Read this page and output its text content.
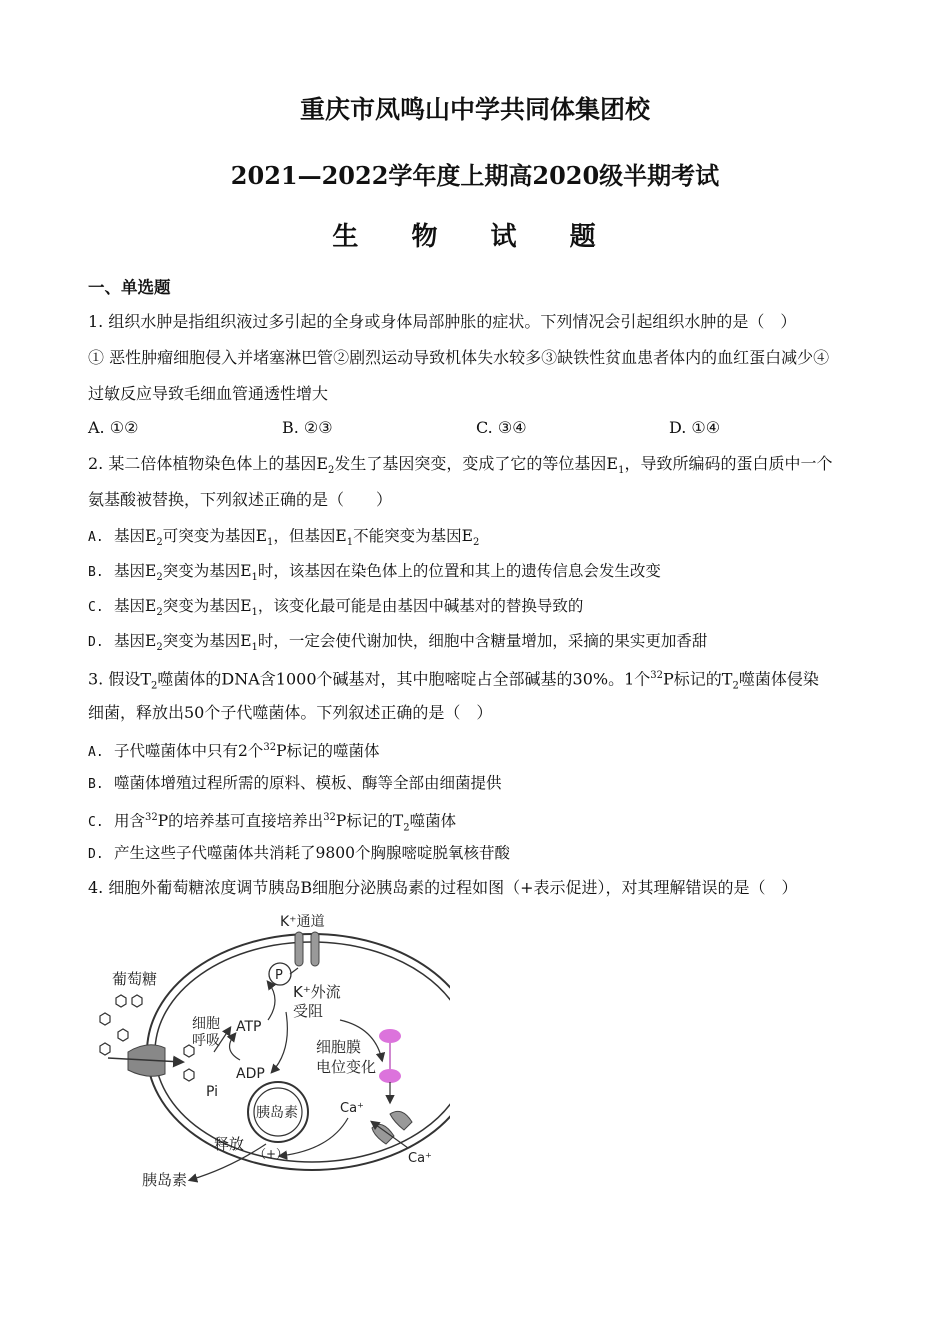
重庆市凤鸣山中学共同体集团校
2021—2022学年度上期高2020级半期考试
生 物 试 题
一、单选题
1. 组织水肿是指组织液过多引起的全身或身体局部肿胀的症状。下列情况会引起组织水肿的是（　）
① 恶性肿瘤细胞侵入并堵塞淋巴管②剧烈运动导致机体失水较多③缺铁性贫血患者体内的血红蛋白减少④
过敏反应导致毛细血管通透性增大
A. ①②	B. ②③	C. ③④	D. ①④
2. 某二倍体植物染色体上的基因$E_2$发生了基因突变，变成了它的等位基因$E_1$，导致所编码的蛋白质中一个
氨基酸被替换，下列叙述正确的是（　　）
A. 基因$E_2$可突变为基因$E_1$，但基因$E_1$不能突变为基因$E_2$
B. 基因$E_2$突变为基因$E_1$时，该基因在染色体上的位置和其上的遗传信息会发生改变
C. 基因$E_2$突变为基因$E_1$，该变化最可能是由基因中碱基对的替换导致的
D. 基因$E_2$突变为基因$E_1$时，一定会使代谢加快，细胞中含糖量增加，采摘的果实更加香甜
3. 假设$T_2$噬菌体的DNA含1000个碱基对，其中胞嘧啶占全部碱基的30%。1个$^{32}$P标记的$T_2$噬菌体侵染
细菌，释放出50个子代噬菌体。下列叙述正确的是（　）
A. 子代噬菌体中只有2个$^{32}$P标记的噬菌体
B. 噬菌体增殖过程所需的原料、模板、酶等全部由细菌提供
C. 用含$^{32}$P的培养基可直接培养出$^{32}$P标记的$T_2$噬菌体
D. 产生这些子代噬菌体共消耗了9800个胸腺嘧啶脱氧核苷酸
4. 细胞外葡萄糖浓度调节胰岛B细胞分泌胰岛素的过程如图（+表示促进），对其理解错误的是（　）
K⁺通道
葡萄糖
细胞
呼吸
ATP
ADP
Pi
P
K⁺外流
受阻
细胞膜
电位变化
Ca⁺
Ca⁺
胰岛素
释放
（+）
胰岛素
